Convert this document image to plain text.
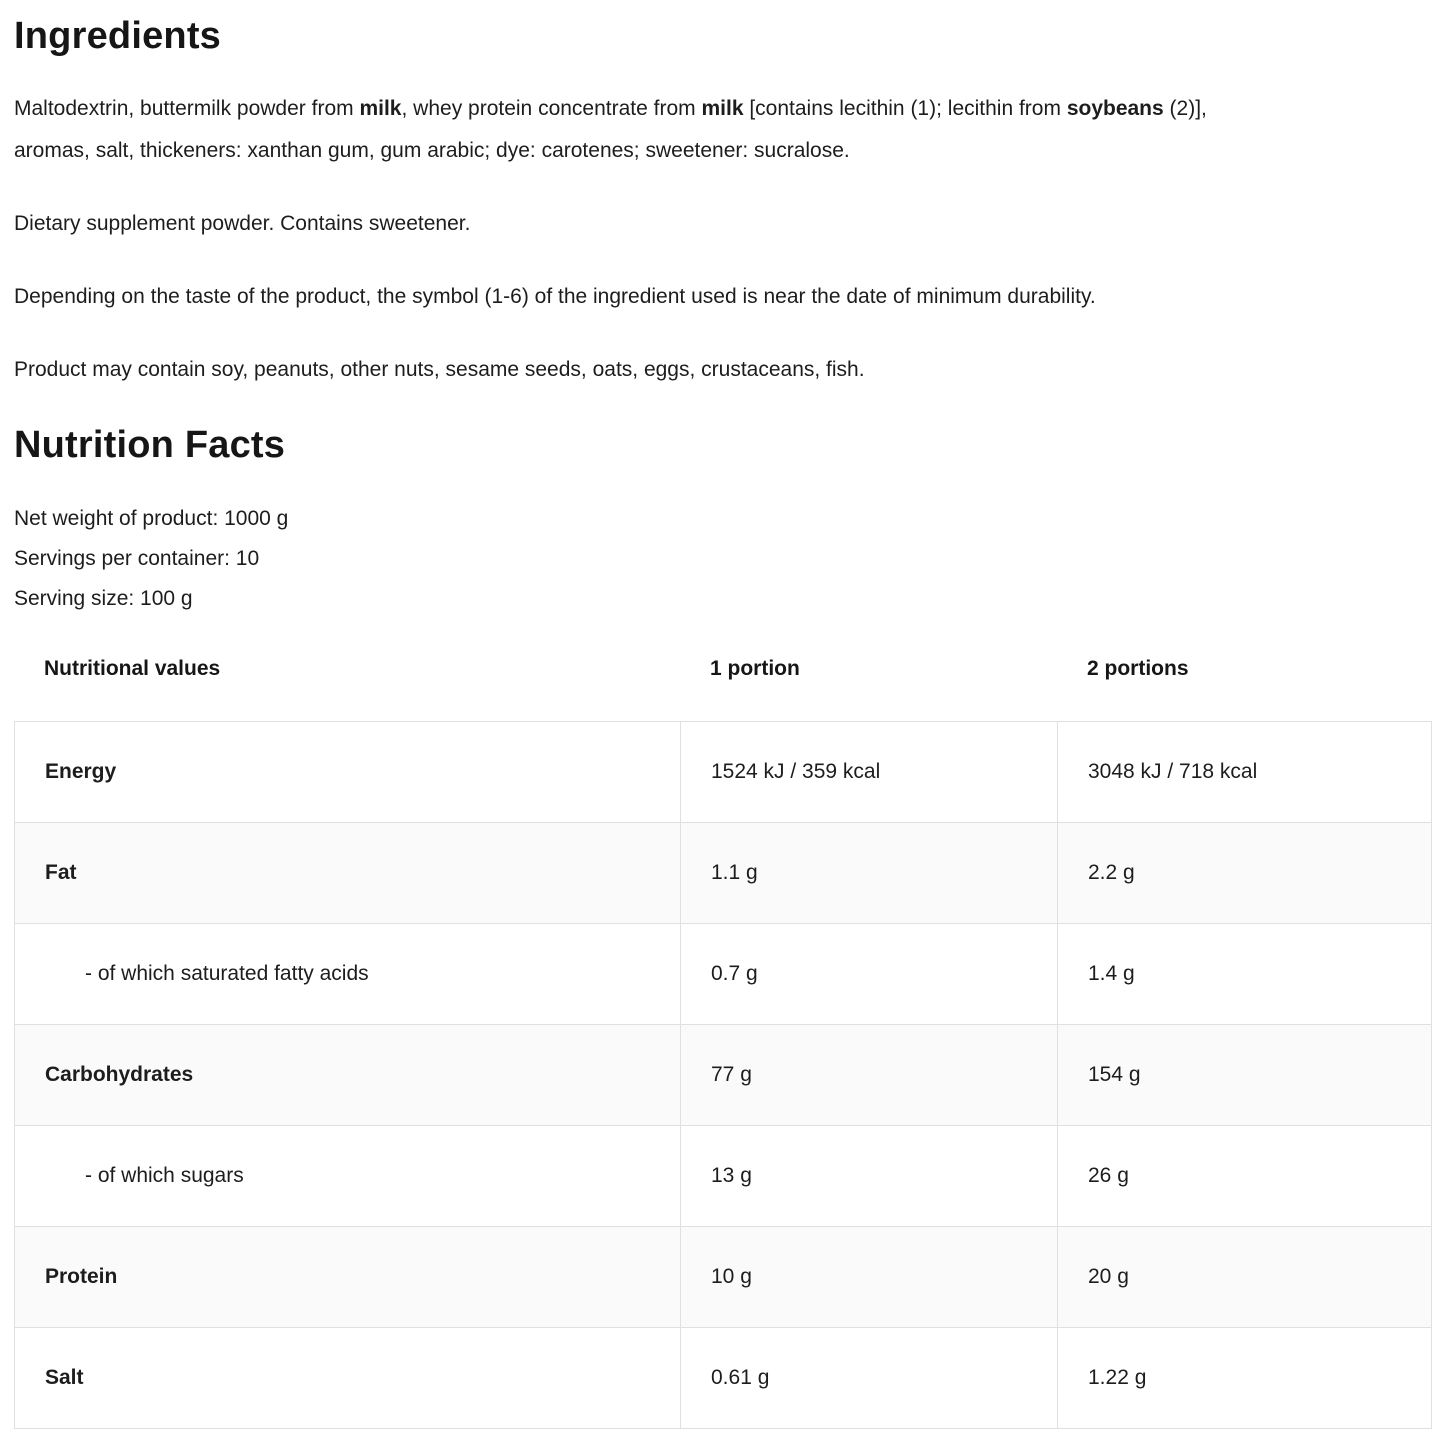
Ingredients

Maltodextrin, buttermilk powder from milk, whey protein concentrate from milk [contains lecithin (1); lecithin from soybeans (2)], aromas, salt, thickeners: xanthan gum, gum arabic; dye: carotenes; sweetener: sucralose.

Dietary supplement powder. Contains sweetener.

Depending on the taste of the product, the symbol (1-6) of the ingredient used is near the date of minimum durability.

Product may contain soy, peanuts, other nuts, sesame seeds, oats, eggs, crustaceans, fish.

Nutrition Facts

Net weight of product: 1000 g

Servings per container: 10

Serving size: 100 g

Nutritional values	1 portion	2 portions
Energy	1524 kJ / 359 kcal	3048 kJ / 718 kcal
Fat	1.1 g	2.2 g
- of which saturated fatty acids	0.7 g	1.4 g
Carbohydrates	77 g	154 g
- of which sugars	13 g	26 g
Protein	10 g	20 g
Salt	0.61 g	1.22 g
